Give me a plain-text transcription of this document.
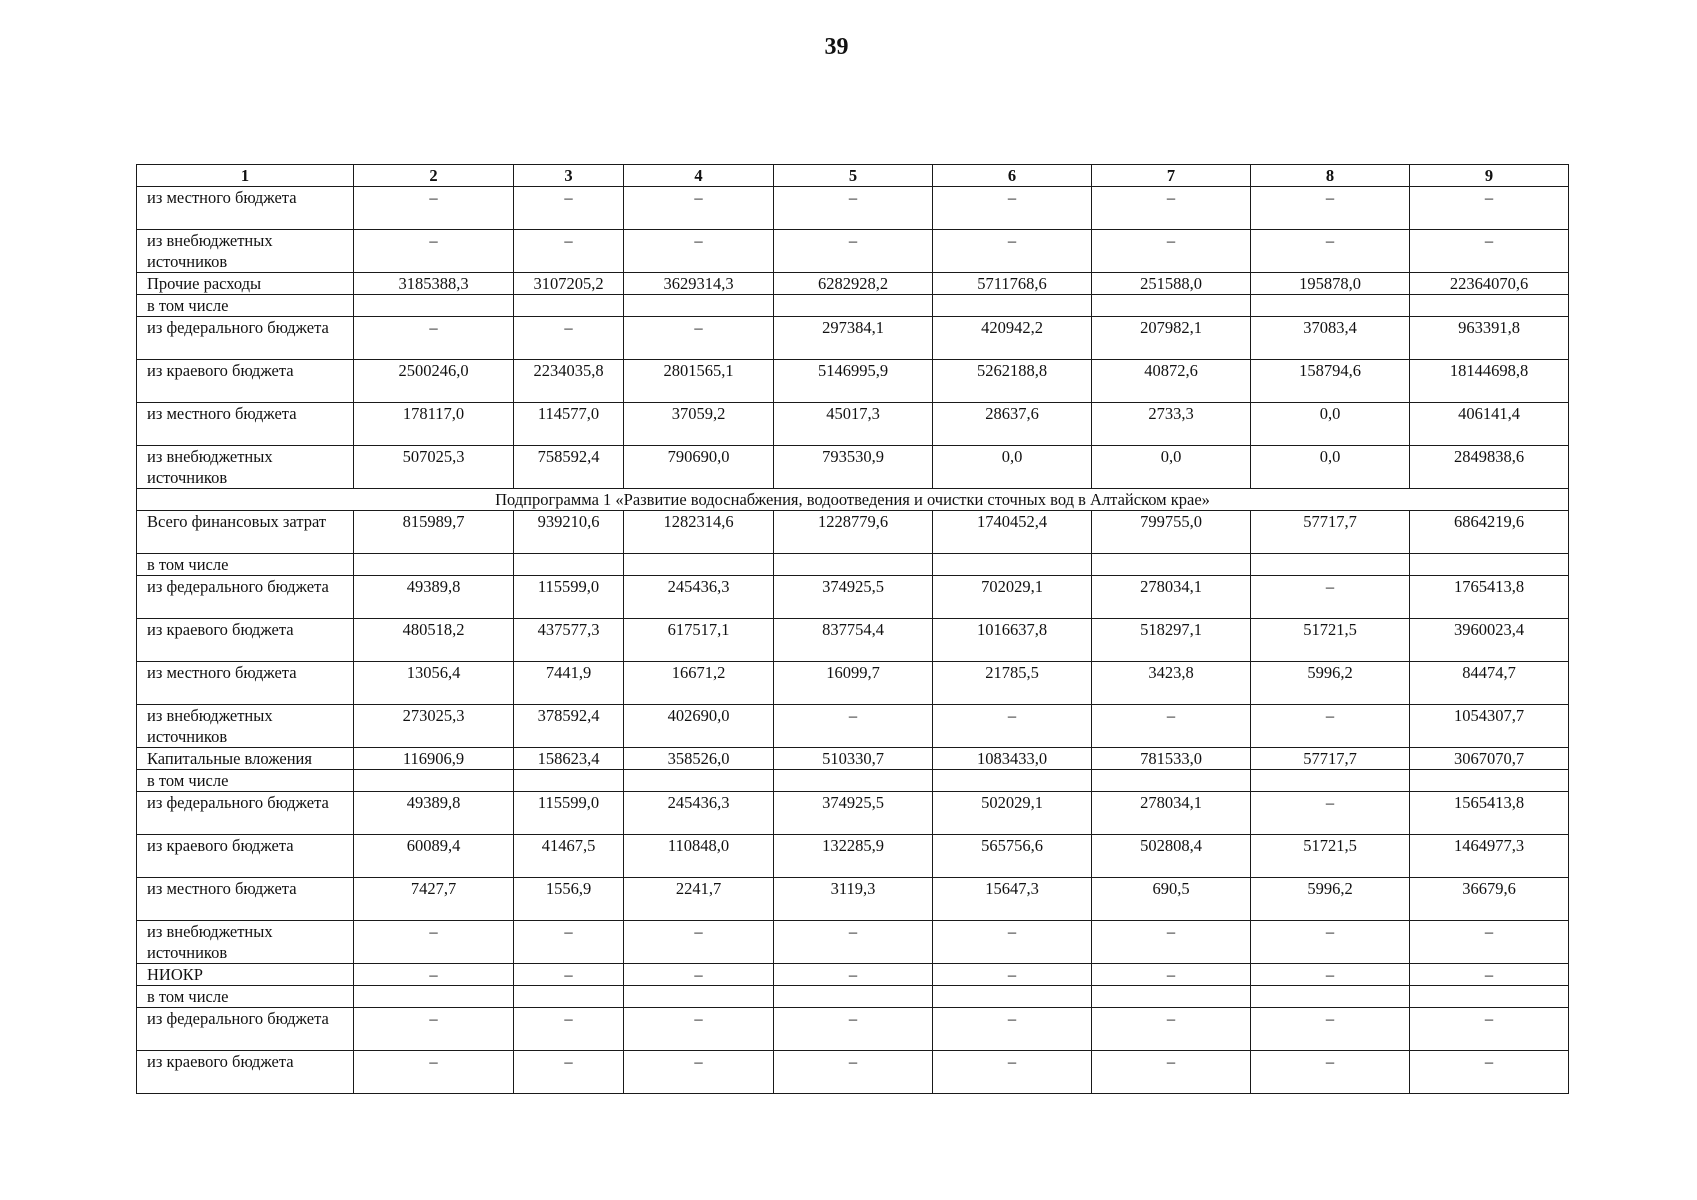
39
1	2	3	4	5	6	7	8	9
из местного бюджета	–	–	–	–	–	–	–	–
из внебюджетных источников	–	–	–	–	–	–	–	–
Прочие расходы	3185388,3	3107205,2	3629314,3	6282928,2	5711768,6	251588,0	195878,0	22364070,6
в том числе								
из федерального бюджета	–	–	–	297384,1	420942,2	207982,1	37083,4	963391,8
из краевого бюджета	2500246,0	2234035,8	2801565,1	5146995,9	5262188,8	40872,6	158794,6	18144698,8
из местного бюджета	178117,0	114577,0	37059,2	45017,3	28637,6	2733,3	0,0	406141,4
из внебюджетных источников	507025,3	758592,4	790690,0	793530,9	0,0	0,0	0,0	2849838,6
Подпрограмма 1 «Развитие водоснабжения, водоотведения и очистки сточных вод в Алтайском крае»								
Всего финансовых затрат	815989,7	939210,6	1282314,6	1228779,6	1740452,4	799755,0	57717,7	6864219,6
в том числе								
из федерального бюджета	49389,8	115599,0	245436,3	374925,5	702029,1	278034,1	–	1765413,8
из краевого бюджета	480518,2	437577,3	617517,1	837754,4	1016637,8	518297,1	51721,5	3960023,4
из местного бюджета	13056,4	7441,9	16671,2	16099,7	21785,5	3423,8	5996,2	84474,7
из внебюджетных источников	273025,3	378592,4	402690,0	–	–	–	–	1054307,7
Капитальные вложения	116906,9	158623,4	358526,0	510330,7	1083433,0	781533,0	57717,7	3067070,7
в том числе								
из федерального бюджета	49389,8	115599,0	245436,3	374925,5	502029,1	278034,1	–	1565413,8
из краевого бюджета	60089,4	41467,5	110848,0	132285,9	565756,6	502808,4	51721,5	1464977,3
из местного бюджета	7427,7	1556,9	2241,7	3119,3	15647,3	690,5	5996,2	36679,6
из внебюджетных источников	–	–	–	–	–	–	–	–
НИОКР	–	–	–	–	–	–	–	–
в том числе								
из федерального бюджета	–	–	–	–	–	–	–	–
из краевого бюджета	–	–	–	–	–	–	–	–
